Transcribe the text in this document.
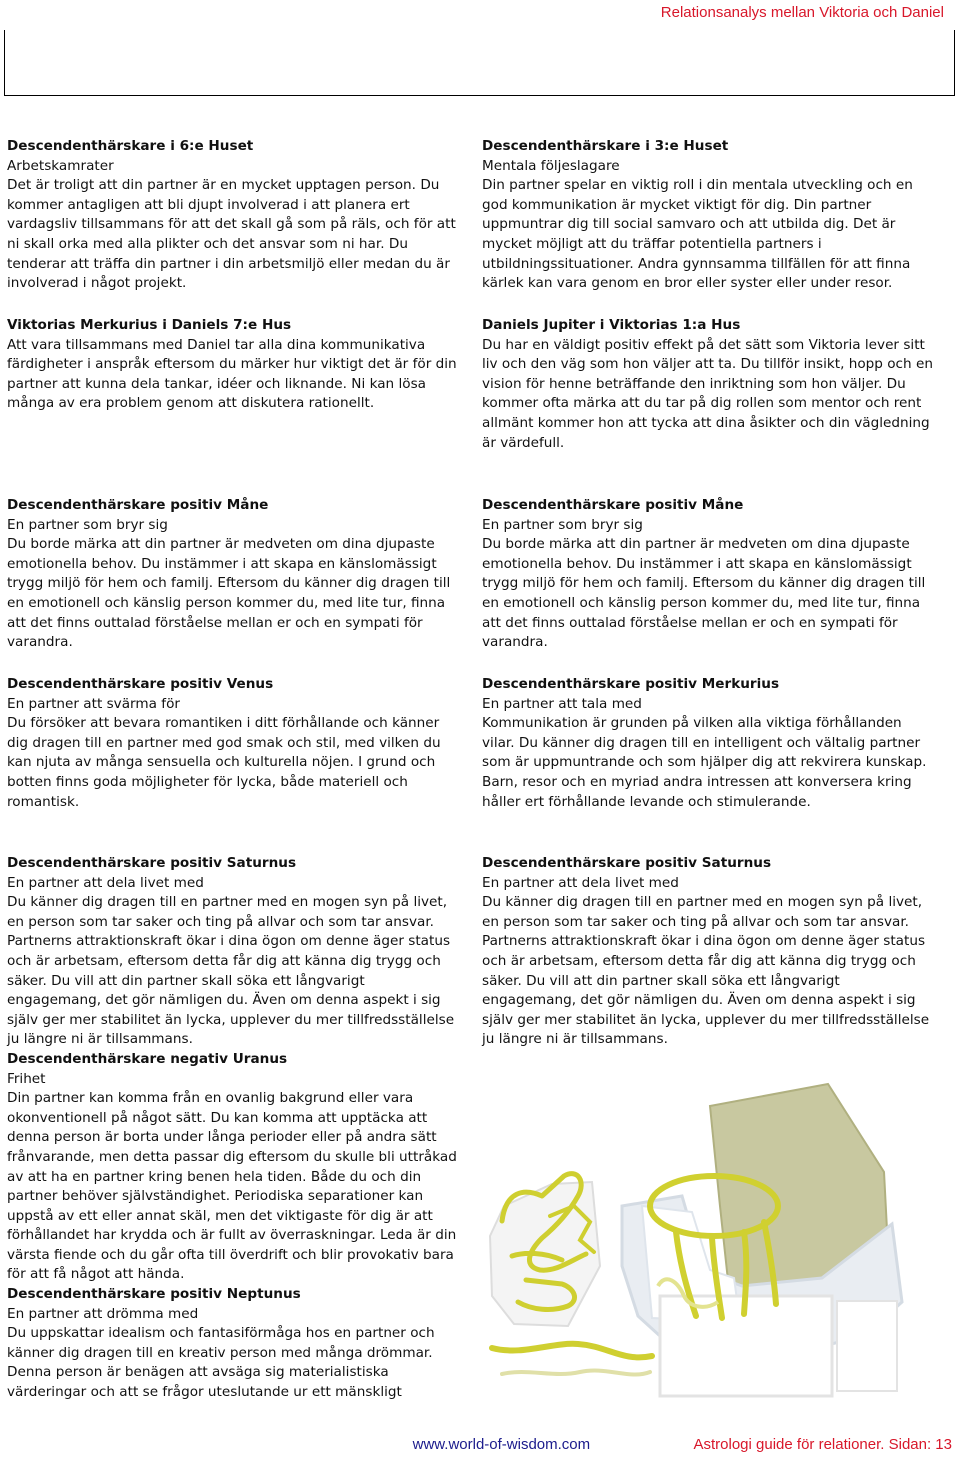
Relationsanalys mellan Viktoria och Daniel
Descendenthärskare i 6:e Huset
Arbetskamrater

Det är troligt att din partner är en mycket upptagen person. Du kommer antagligen att bli djupt involverad i att planera ert vardagsliv tillsammans för att det skall gå som på räls, och för att ni skall orka med alla plikter och det ansvar som ni har. Du tenderar att träffa din partner i din arbetsmiljö eller medan du är involverad i något projekt.

Viktorias Merkurius i Daniels 7:e Hus

Att vara tillsammans med Daniel tar alla dina kommunikativa färdigheter i anspråk eftersom du märker hur viktigt det är för din partner att kunna dela tankar, idéer och liknande. Ni kan lösa många av era problem genom att diskutera rationellt.

Descendenthärskare positiv Måne
En partner som bryr sig

Du borde märka att din partner är medveten om dina djupaste emotionella behov. Du instämmer i att skapa en känslomässigt trygg miljö för hem och familj. Eftersom du känner dig dragen till en emotionell och känslig person kommer du, med lite tur, finna att det finns outtalad förståelse mellan er och en sympati för varandra.

Descendenthärskare positiv Venus
En partner att svärma för

Du försöker att bevara romantiken i ditt förhållande och känner dig dragen till en partner med god smak och stil, med vilken du kan njuta av många sensuella och kulturella nöjen. I grund och botten finns goda möjligheter för lycka, både materiell och romantisk.

Descendenthärskare positiv Saturnus
En partner att dela livet med

Du känner dig dragen till en partner med en mogen syn på livet, en person som tar saker och ting på allvar och som tar ansvar. Partnerns attraktionskraft ökar i dina ögon om denne äger status och är arbetsam, eftersom detta får dig att känna dig trygg och säker. Du vill att din partner skall söka ett långvarigt engagemang, det gör nämligen du. Även om denna aspekt i sig själv ger mer stabilitet än lycka, upplever du mer tillfredsställelse ju längre ni är tillsammans.

Descendenthärskare negativ Uranus
Frihet

Din partner kan komma från en ovanlig bakgrund eller vara okonventionell på något sätt. Du kan komma att upptäcka att denna person är borta under långa perioder eller på andra sätt frånvarande, men detta passar dig eftersom du skulle bli uttråkad av att ha en partner kring benen hela tiden. Både du och din partner behöver självständighet. Periodiska separationer kan uppstå av ett eller annat skäl, men det viktigaste för dig är att förhållandet har krydda och är fullt av överraskningar. Leda är din värsta fiende och du går ofta till överdrift och blir provokativ bara för att få något att hända.

Descendenthärskare positiv Neptunus
En partner att drömma med

Du uppskattar idealism och fantasiförmåga hos en partner och känner dig dragen till en kreativ person med många drömmar. Denna person är benägen att avsäga sig materialistiska värderingar och att se frågor uteslutande ur ett mänskligt

Descendenthärskare i 3:e Huset
Mentala följeslagare

Din partner spelar en viktig roll i din mentala utveckling och en god kommunikation är mycket viktigt för dig. Din partner uppmuntrar dig till social samvaro och att utbilda dig. Det är mycket möjligt att du träffar potentiella partners i utbildningssituationer. Andra gynnsamma tillfällen för att finna kärlek kan vara genom en bror eller syster eller under resor.

Daniels Jupiter i Viktorias 1:a Hus

Du har en väldigt positiv effekt på det sätt som Viktoria lever sitt liv och den väg som hon väljer att ta. Du tillför insikt, hopp och en vision för henne beträffande den inriktning som hon väljer. Du kommer ofta märka att du tar på dig rollen som mentor och rent allmänt kommer hon att tycka att dina åsikter och din vägledning är värdefull.

Descendenthärskare positiv Måne
En partner som bryr sig

Du borde märka att din partner är medveten om dina djupaste emotionella behov. Du instämmer i att skapa en känslomässigt trygg miljö för hem och familj. Eftersom du känner dig dragen till en emotionell och känslig person kommer du, med lite tur, finna att det finns outtalad förståelse mellan er och en sympati för varandra.

Descendenthärskare positiv Merkurius
En partner att tala med

Kommunikation är grunden på vilken alla viktiga förhållanden vilar. Du känner dig dragen till en intelligent och vältalig partner som är uppmuntrande och som hjälper dig att rekvirera kunskap. Barn, resor och en myriad andra intressen att konversera kring håller ert förhållande levande och stimulerande.

Descendenthärskare positiv Saturnus
En partner att dela livet med

Du känner dig dragen till en partner med en mogen syn på livet, en person som tar saker och ting på allvar och som tar ansvar. Partnerns attraktionskraft ökar i dina ögon om denne äger status och är arbetsam, eftersom detta får dig att känna dig trygg och säker. Du vill att din partner skall söka ett långvarigt engagemang, det gör nämligen du. Även om denna aspekt i sig själv ger mer stabilitet än lycka, upplever du mer tillfredsställelse ju längre ni är tillsammans.

www.world-of-wisdom.com	Astrologi guide för relationer. Sidan: 13
